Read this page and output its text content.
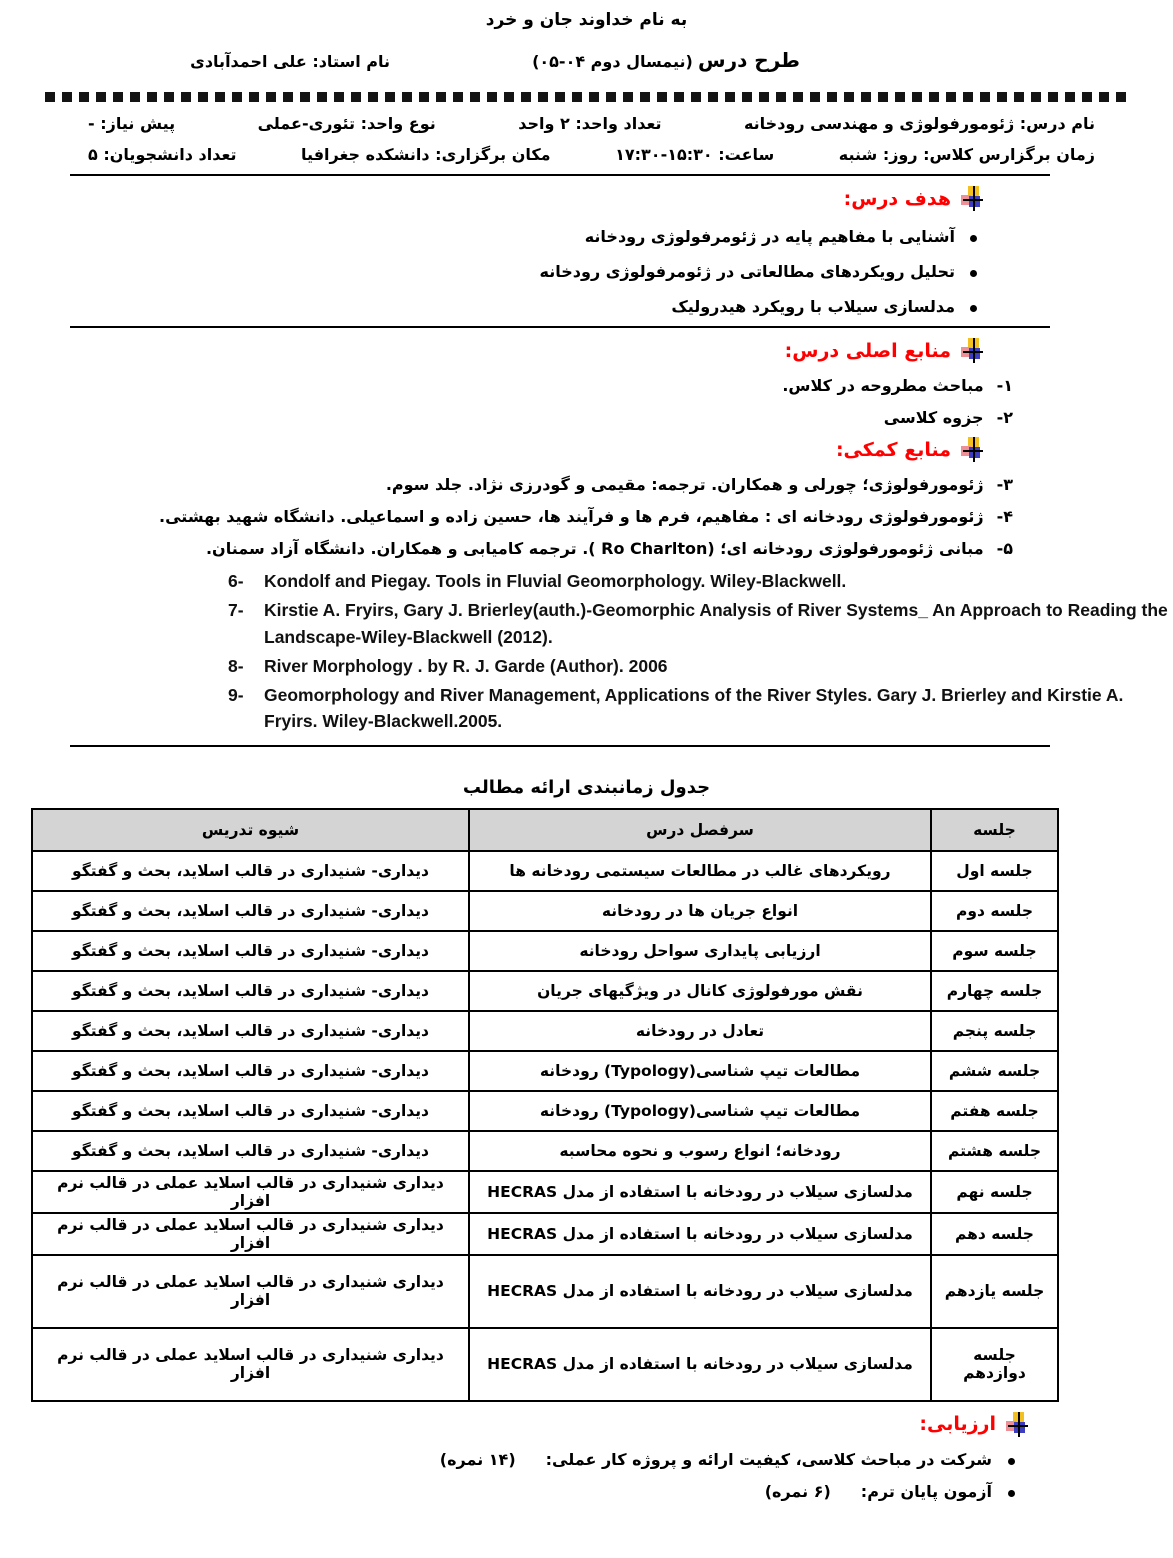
به نام خداوند جان و خرد
طرح درس (نیمسال دوم ۰۴-۰۵)
نام استاد: علی احمدآبادی
نام درس: ژئومورفولوژی و مهندسی رودخانه
تعداد واحد: ۲ واحد
نوع واحد: تئوری-عملی
پیش نیاز: -
زمان برگزارس کلاس: روز: شنبه
ساعت: ۱۵:۳۰-۱۷:۳۰
مکان برگزاری: دانشکده جغرافیا
تعداد دانشجویان: ۵
هدف درس:
آشنایی با مفاهیم پایه در ژئومرفولوژی رودخانه
تحلیل رویکردهای مطالعاتی در ژئومرفولوژی رودخانه
مدلسازی سیلاب با رویکرد هیدرولیک
منابع اصلی درس:
۱-
مباحث مطروحه در کلاس.
۲-
جزوه کلاسی
منابع کمکی:
۳-
ژئومورفولوژی؛ چورلی و همکاران. ترجمه: مقیمی و گودرزی نژاد. جلد سوم.
۴-
ژئومورفولوژی رودخانه ای : مفاهیم، فرم ها و فرآیند ها، حسین زاده و اسماعیلی. دانشگاه شهید بهشتی.
۵-
مبانی ژئومورفولوژی رودخانه ای؛ (Ro Charlton ). ترجمه کامیابی و همکاران. دانشگاه آزاد سمنان.
6-	Kondolf and Piegay. Tools in Fluvial Geomorphology. Wiley-Blackwell.
7-	Kirstie A. Fryirs, Gary J. Brierley(auth.)-Geomorphic Analysis of River Systems_ An Approach to Reading the Landscape-Wiley-Blackwell (2012).
8-	River Morphology . by R. J. Garde (Author). 2006
9-	Geomorphology and River Management, Applications of the River Styles. Gary J. Brierley and Kirstie A. Fryirs. Wiley-Blackwell.2005.
جدول زمانبندی ارائه مطالب
جلسه	سرفصل درس	شیوه تدریس
جلسه اول	رویکردهای غالب در مطالعات سیستمی رودخانه ها	دیداری- شنیداری در قالب اسلاید، بحث و گفتگو
جلسه دوم	انواع جریان ها در رودخانه	دیداری- شنیداری در قالب اسلاید، بحث و گفتگو
جلسه سوم	ارزیابی پایداری سواحل رودخانه	دیداری- شنیداری در قالب اسلاید، بحث و گفتگو
جلسه چهارم	نقش مورفولوژی کانال در ویژگیهای جریان	دیداری- شنیداری در قالب اسلاید، بحث و گفتگو
جلسه پنجم	تعادل در رودخانه	دیداری- شنیداری در قالب اسلاید، بحث و گفتگو
جلسه ششم	مطالعات تیپ شناسی(Typology) رودخانه	دیداری- شنیداری در قالب اسلاید، بحث و گفتگو
جلسه هفتم	مطالعات تیپ شناسی(Typology) رودخانه	دیداری- شنیداری در قالب اسلاید، بحث و گفتگو
جلسه هشتم	رودخانه؛ انواع رسوب و نحوه محاسبه	دیداری- شنیداری در قالب اسلاید، بحث و گفتگو
جلسه نهم	مدلسازی سیلاب در رودخانه با استفاده از مدل HECRAS	دیداری شنیداری در قالب اسلاید عملی در قالب نرم افزار
جلسه دهم	مدلسازی سیلاب در رودخانه با استفاده از مدل HECRAS	دیداری شنیداری در قالب اسلاید عملی در قالب نرم افزار
جلسه یازدهم	مدلسازی سیلاب در رودخانه با استفاده از مدل HECRAS	دیداری شنیداری در قالب اسلاید عملی در قالب نرم افزار
جلسه دوازدهم	مدلسازی سیلاب در رودخانه با استفاده از مدل HECRAS	دیداری شنیداری در قالب اسلاید عملی در قالب نرم افزار
ارزیابی:
شرکت در مباحث کلاسی، کیفیت ارائه و پروژه کار عملی:
(۱۴ نمره)
آزمون پایان ترم:
(۶ نمره)
